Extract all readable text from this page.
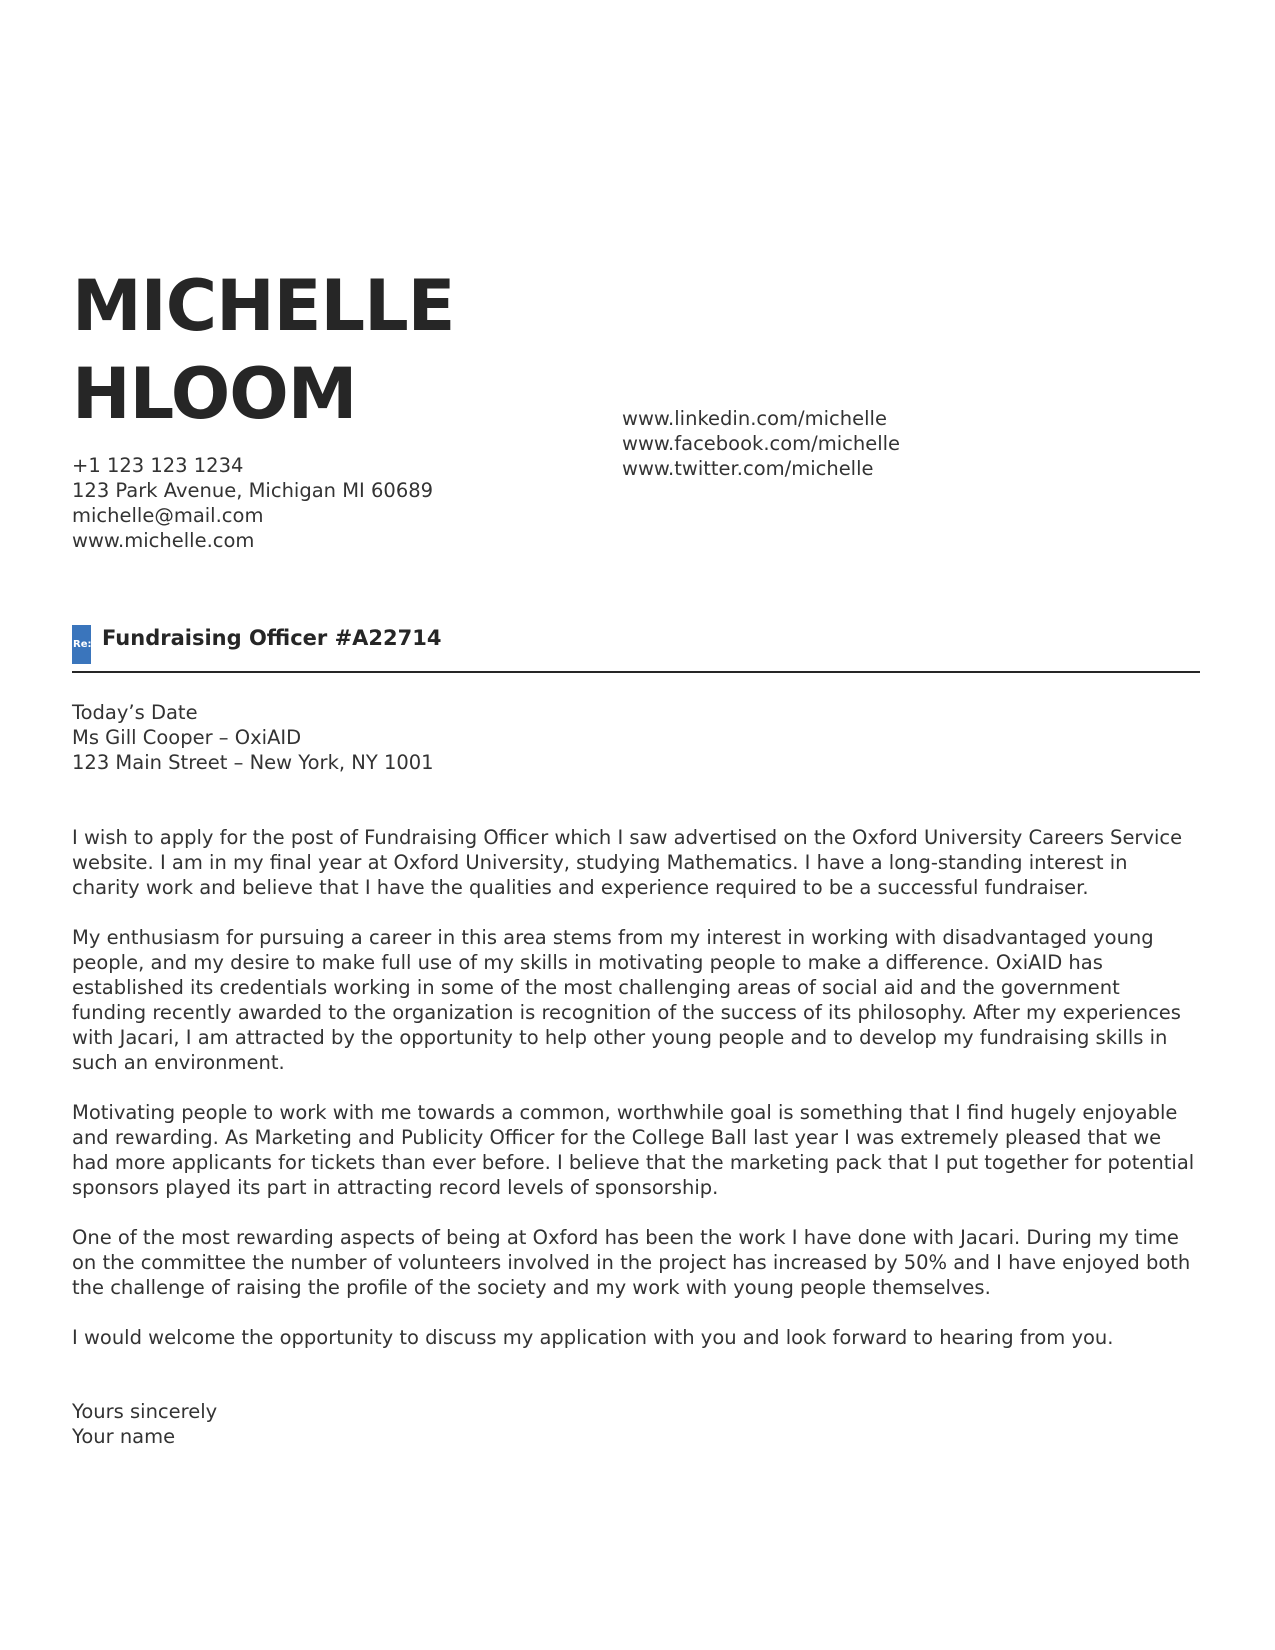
MICHELLE
HLOOM
+1 123 123 1234
123 Park Avenue, Michigan MI 60689
michelle@mail.com
www.michelle.com
www.linkedin.com/michelle
www.facebook.com/michelle
www.twitter.com/michelle
Re: Fundraising Officer #A22714
Today’s Date
Ms Gill Cooper – OxiAID
123 Main Street – New York, NY 1001

I wish to apply for the post of Fundraising Officer which I saw advertised on the Oxford University Careers Service website. I am in my final year at Oxford University, studying Mathematics. I have a long-standing interest in charity work and believe that I have the qualities and experience required to be a successful fundraiser.

My enthusiasm for pursuing a career in this area stems from my interest in working with disadvantaged young people, and my desire to make full use of my skills in motivating people to make a difference. OxiAID has established its credentials working in some of the most challenging areas of social aid and the government funding recently awarded to the organization is recognition of the success of its philosophy. After my experiences with Jacari, I am attracted by the opportunity to help other young people and to develop my fundraising skills in such an environment.

Motivating people to work with me towards a common, worthwhile goal is something that I find hugely enjoyable and rewarding. As Marketing and Publicity Officer for the College Ball last year I was extremely pleased that we had more applicants for tickets than ever before. I believe that the marketing pack that I put together for potential sponsors played its part in attracting record levels of sponsorship.

One of the most rewarding aspects of being at Oxford has been the work I have done with Jacari. During my time on the committee the number of volunteers involved in the project has increased by 50% and I have enjoyed both the challenge of raising the profile of the society and my work with young people themselves.

I would welcome the opportunity to discuss my application with you and look forward to hearing from you.

Yours sincerely
Your name
